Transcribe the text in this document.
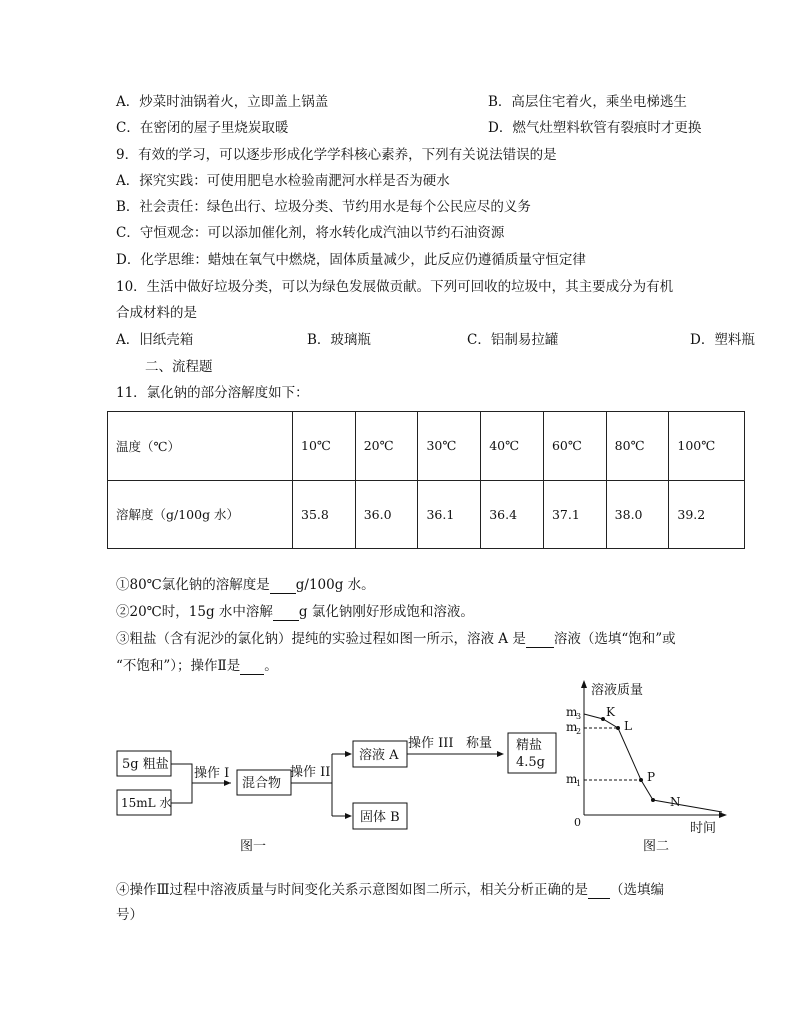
A．炒菜时油锅着火，立即盖上锅盖	B．高层住宅着火，乘坐电梯逃生
C．在密闭的屋子里烧炭取暖	D．燃气灶塑料软管有裂痕时才更换
9．有效的学习，可以逐步形成化学学科核心素养，下列有关说法错误的是
A．探究实践：可使用肥皂水检验南淝河水样是否为硬水
B．社会责任：绿色出行、垃圾分类、节约用水是每个公民应尽的义务
C．守恒观念：可以添加催化剂，将水转化成汽油以节约石油资源
D．化学思维：蜡烛在氧气中燃烧，固体质量减少，此反应仍遵循质量守恒定律
10．生活中做好垃圾分类，可以为绿色发展做贡献。下列可回收的垃圾中，其主要成分为有机
合成材料的是
A．旧纸壳箱	B．玻璃瓶	C．铝制易拉罐	D．塑料瓶
二、流程题
11．氯化钠的部分溶解度如下：
温度（℃）	10℃	20℃	30℃	40℃	60℃	80℃	100℃
溶解度（g/100g 水）	35.8	36.0	36.1	36.4	37.1	38.0	39.2
①80℃氯化钠的溶解度是 g/100g 水。
②20℃时，15g 水中溶解 g 氯化钠刚好形成饱和溶液。
③粗盐（含有泥沙的氯化钠）提纯的实验过程如图一所示，溶液 A 是 溶液（选填“饱和”或
“不饱和”）；操作Ⅱ是 。
5g 粗盐
15mL 水
操作 I
混合物
操作 II
溶液 A
固体 B
操作 III 称量 精盐
4.5g
图一
溶液质量
时间
0
m
3
m
2
m
1
K
L
P
N
图二
④操作Ⅲ过程中溶液质量与时间变化关系示意图如图二所示，相关分析正确的是 （选填编
号）
